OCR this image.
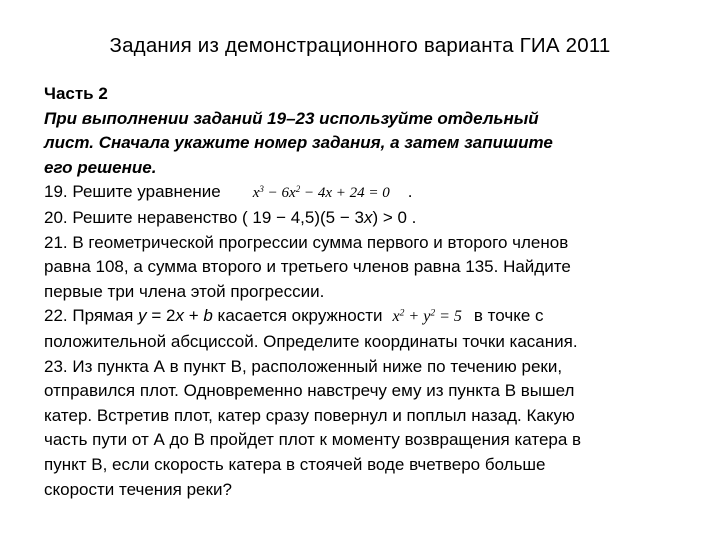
Задания из демонстрационного варианта ГИА 2011
Часть 2
При выполнении заданий 19–23 используйте отдельный
лист. Сначала укажите номер задания, а затем запишите
его решение.
19. Решите уравнение $x^3 - 6x^2 - 4x + 24 = 0$ .
20. Решите неравенство ( 19 − 4,5)(5 − 3x) > 0 .
21. В геометрической прогрессии сумма первого и второго членов
равна 108, а сумма второго и третьего членов равна 135. Найдите
первые три члена этой прогрессии.
22. Прямая y = 2x + b касается окружности $x^2 + y^2 = 5$ в точке с
положительной абсциссой. Определите координаты точки касания.
23. Из пункта А в пункт В, расположенный ниже по течению реки,
отправился плот. Одновременно навстречу ему из пункта В вышел
катер. Встретив плот, катер сразу повернул и поплыл назад. Какую
часть пути от А до В пройдет плот к моменту возвращения катера в
пункт В, если скорость катера в стоячей воде вчетверо больше
скорости течения реки?
